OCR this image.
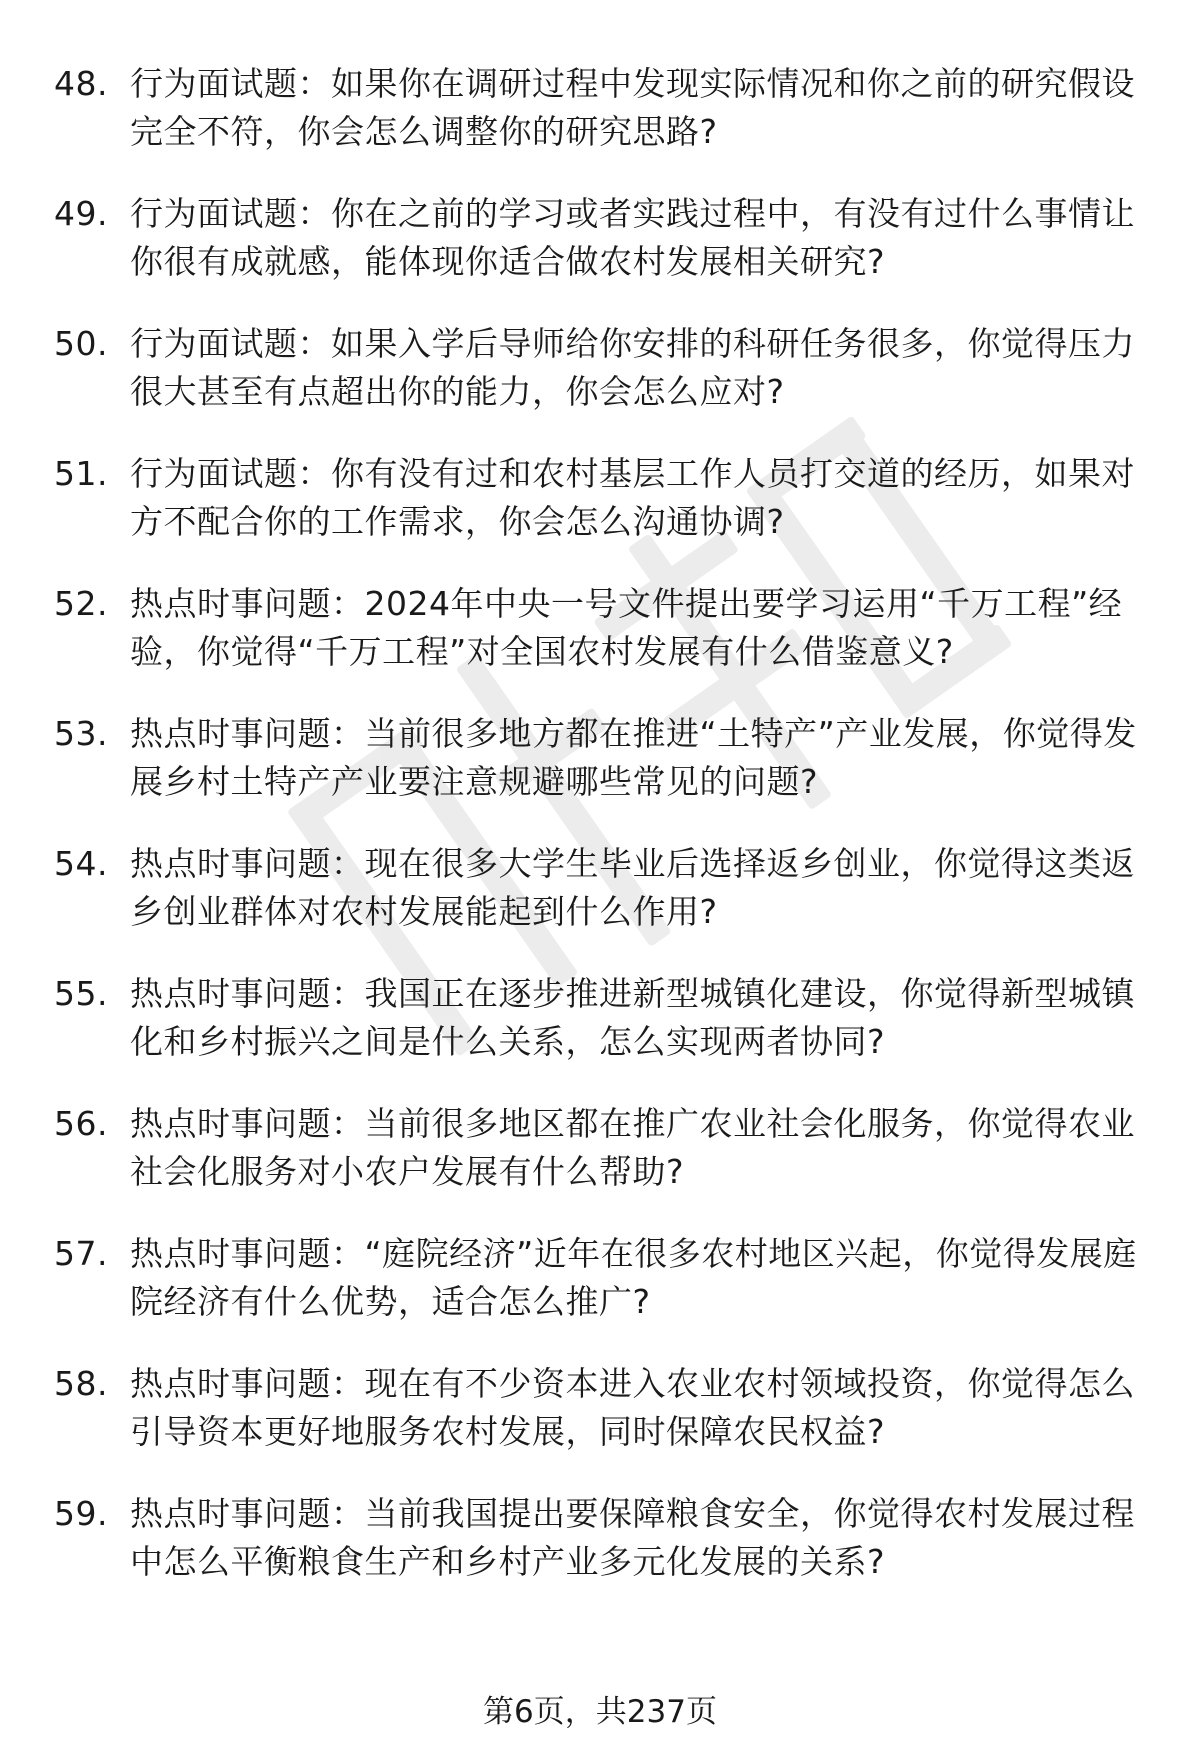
48. 行为面试题：如果你在调研过程中发现实际情况和你之前的研究假设完全不符，你会怎么调整你的研究思路?
49. 行为面试题：你在之前的学习或者实践过程中，有没有过什么事情让你很有成就感，能体现你适合做农村发展相关研究?
50. 行为面试题：如果入学后导师给你安排的科研任务很多，你觉得压力很大甚至有点超出你的能力，你会怎么应对?
51. 行为面试题：你有没有过和农村基层工作人员打交道的经历，如果对方不配合你的工作需求，你会怎么沟通协调?
52. 热点时事问题：2024年中央一号文件提出要学习运用“千万工程”经验，你觉得“千万工程”对全国农村发展有什么借鉴意义?
53. 热点时事问题：当前很多地方都在推进“土特产”产业发展，你觉得发展乡村土特产产业要注意规避哪些常见的问题?
54. 热点时事问题：现在很多大学生毕业后选择返乡创业，你觉得这类返乡创业群体对农村发展能起到什么作用?
55. 热点时事问题：我国正在逐步推进新型城镇化建设，你觉得新型城镇化和乡村振兴之间是什么关系，怎么实现两者协同?
56. 热点时事问题：当前很多地区都在推广农业社会化服务，你觉得农业社会化服务对小农户发展有什么帮助?
57. 热点时事问题：“庭院经济”近年在很多农村地区兴起，你觉得发展庭院经济有什么优势，适合怎么推广?
58. 热点时事问题：现在有不少资本进入农业农村领域投资，你觉得怎么引导资本更好地服务农村发展，同时保障农民权益?
59. 热点时事问题：当前我国提出要保障粮食安全，你觉得农村发展过程中怎么平衡粮食生产和乡村产业多元化发展的关系?
第6页，共237页
